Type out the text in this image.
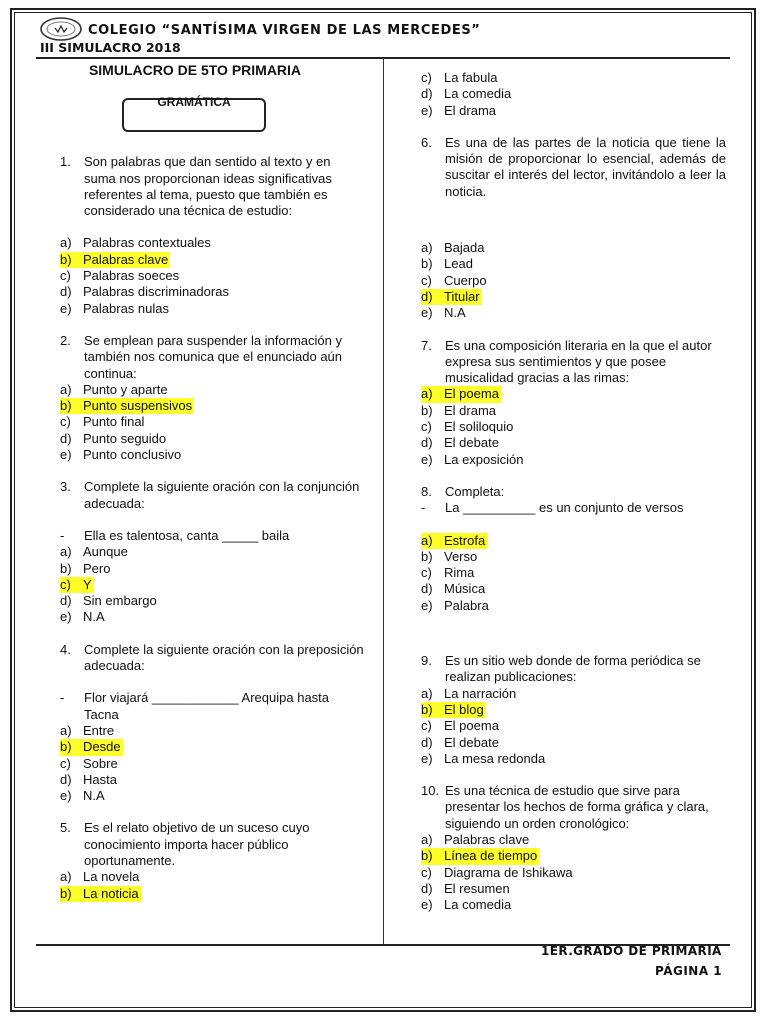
COLEGIO “SANTÍSIMA VIRGEN DE LAS MERCEDES”
III SIMULACRO 2018
SIMULACRO DE 5TO PRIMARIA
GRAMÁTICA
1.	Son palabras que dan sentido al texto y en suma nos proporcionan ideas significativas referentes al tema, puesto que también es considerado una técnica de estudio:
a) Palabras contextuales
b) Palabras clave
c) Palabras soeces
d) Palabras discriminadoras
e) Palabras nulas
2.	Se emplean para suspender la información y también nos comunica que el enunciado aún continua:
a) Punto y aparte
b) Punto suspensivos
c) Punto final
d) Punto seguido
e) Punto conclusivo
3.	Complete la siguiente oración con la conjunción adecuada:
-	Ella es talentosa, canta _____ baila
a) Aunque
b) Pero
c) Y
d) Sin embargo
e) N.A
4.	Complete la siguiente oración con la preposición adecuada:
-	Flor viajará ____________ Arequipa hasta Tacna
a) Entre
b) Desde
c) Sobre
d) Hasta
e) N.A
5.	Es el relato objetivo de un suceso cuyo conocimiento importa hacer público oportunamente.
a) La novela
b) La noticia
c) La fabula
d) La comedia
e) El drama
6.	Es una de las partes de la noticia que tiene la misión de proporcionar lo esencial, además de suscitar el interés del lector, invitándolo a leer la noticia.
a) Bajada
b) Lead
c) Cuerpo
d) Titular
e) N.A
7.	Es una composición literaria en la que el autor expresa sus sentimientos y que posee musicalidad gracias a las rimas:
a) El poema
b) El drama
c) El soliloquio
d) El debate
e) La exposición
8.	Completa:
-	La __________ es un conjunto de versos
a) Estrofa
b) Verso
c) Rima
d) Música
e) Palabra
9.	Es un sitio web donde de forma periódica se realizan publicaciones:
a) La narración
b) El blog
c) El poema
d) El debate
e) La mesa redonda
10. Es una técnica de estudio que sirve para presentar los hechos de forma gráfica y clara, siguiendo un orden cronológico:
a) Palabras clave
b) Línea de tiempo
c) Diagrama de Ishikawa
d) El resumen
e) La comedia
1ER.GRADO DE PRIMARIA
PÁGINA 1
